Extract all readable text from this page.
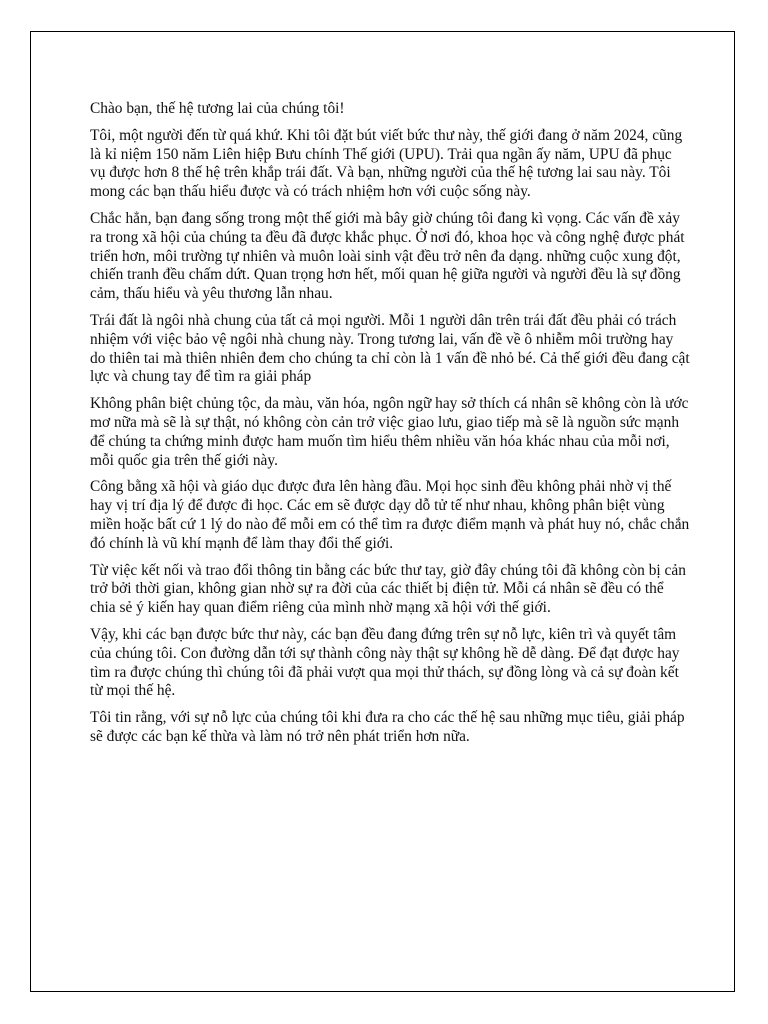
Chào bạn, thế hệ tương lai của chúng tôi!

Tôi, một người đến từ quá khứ. Khi tôi đặt bút viết bức thư này, thế giới đang ở năm 2024, cũng là kỉ niệm 150 năm Liên hiệp Bưu chính Thế giới (UPU). Trải qua ngần ấy năm, UPU đã phục vụ được hơn 8 thế hệ trên khắp trái đất. Và bạn, những người của thế hệ tương lai sau này. Tôi mong các bạn thấu hiểu được và có trách nhiệm hơn với cuộc sống này.

Chắc hẳn, bạn đang sống trong một thế giới mà bây giờ chúng tôi đang kì vọng. Các vấn đề xảy ra trong xã hội của chúng ta đều đã được khắc phục. Ở nơi đó, khoa học và công nghệ được phát triển hơn, môi trường tự nhiên và muôn loài sinh vật đều trở nên đa dạng. những cuộc xung đột, chiến tranh đều chấm dứt. Quan trọng hơn hết, mối quan hệ giữa người và người đều là sự đồng cảm, thấu hiểu và yêu thương lẫn nhau.

Trái đất là ngôi nhà chung của tất cả mọi người. Mỗi 1 người dân trên trái đất đều phải có trách nhiệm với việc bảo vệ ngôi nhà chung này. Trong tương lai, vấn đề về ô nhiễm môi trường hay do thiên tai mà thiên nhiên đem cho chúng ta chỉ còn là 1 vấn đề nhỏ bé. Cả thế giới đều đang cật lực và chung tay để tìm ra giải pháp

Không phân biệt chủng tộc, da màu, văn hóa, ngôn ngữ hay sở thích cá nhân sẽ không còn là ước mơ nữa mà sẽ là sự thật, nó không còn cản trở việc giao lưu, giao tiếp mà sẽ là nguồn sức mạnh để chúng ta chứng minh được ham muốn tìm hiểu thêm nhiều văn hóa khác nhau của mỗi nơi, mỗi quốc gia trên thế giới này.

Công bằng xã hội và giáo dục được đưa lên hàng đầu. Mọi học sinh đều không phải nhờ vị thế hay vị trí địa lý để được đi học. Các em sẽ được dạy dỗ tử tế như nhau, không phân biệt vùng miền hoặc bất cứ 1 lý do nào để mỗi em có thể tìm ra được điểm mạnh và phát huy nó, chắc chắn đó chính là vũ khí mạnh để làm thay đổi thế giới.

Từ việc kết nối và trao đổi thông tin bằng các bức thư tay, giờ đây chúng tôi đã không còn bị cản trở bởi thời gian, không gian nhờ sự ra đời của các thiết bị điện tử. Mỗi cá nhân sẽ đều có thể chia sẻ ý kiến hay quan điểm riêng của mình nhờ mạng xã hội với thế giới.

Vậy, khi các bạn được bức thư này, các bạn đều đang đứng trên sự nỗ lực, kiên trì và quyết tâm của chúng tôi. Con đường dẫn tới sự thành công này thật sự không hề dễ dàng. Để đạt được hay tìm ra được chúng thì chúng tôi đã phải vượt qua mọi thử thách, sự đồng lòng và cả sự đoàn kết từ mọi thế hệ.

Tôi tin rằng, với sự nỗ lực của chúng tôi khi đưa ra cho các thế hệ sau những mục tiêu, giải pháp sẽ được các bạn kế thừa và làm nó trở nên phát triển hơn nữa.
